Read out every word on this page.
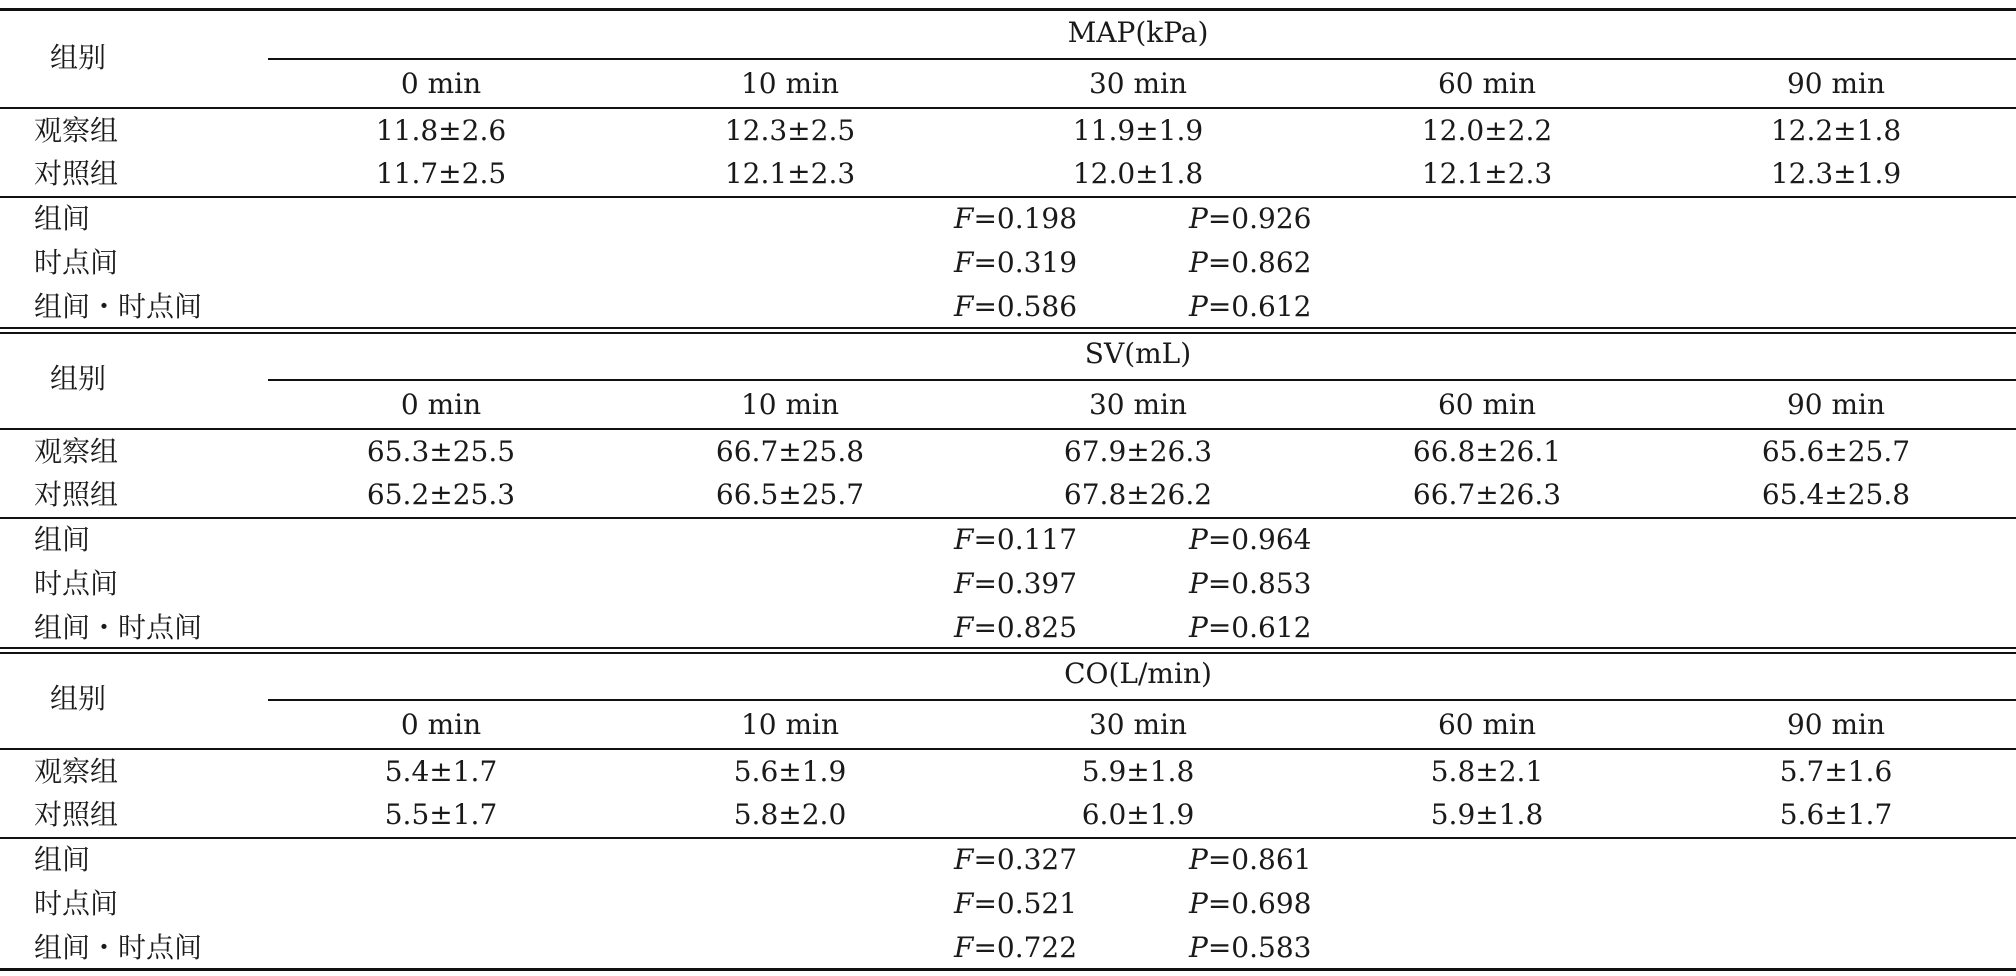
MAP(kPa)
组别
0 min	10 min	30 min	60 min	90 min
观察组	11.8±2.6	12.3±2.5	11.9±1.9	12.0±2.2	12.2±1.8
对照组	11.7±2.5	12.1±2.3	12.0±1.8	12.1±2.3	12.3±1.9
组间	F=0.198	P=0.926
时点间	F=0.319	P=0.862
组间・时点间	F=0.586	P=0.612
SV(mL)
组别
0 min	10 min	30 min	60 min	90 min
观察组	65.3±25.5	66.7±25.8	67.9±26.3	66.8±26.1	65.6±25.7
对照组	65.2±25.3	66.5±25.7	67.8±26.2	66.7±26.3	65.4±25.8
组间	F=0.117	P=0.964
时点间	F=0.397	P=0.853
组间・时点间	F=0.825	P=0.612
CO(L/min)
组别
0 min	10 min	30 min	60 min	90 min
观察组	5.4±1.7	5.6±1.9	5.9±1.8	5.8±2.1	5.7±1.6
对照组	5.5±1.7	5.8±2.0	6.0±1.9	5.9±1.8	5.6±1.7
组间	F=0.327	P=0.861
时点间	F=0.521	P=0.698
组间・时点间	F=0.722	P=0.583
